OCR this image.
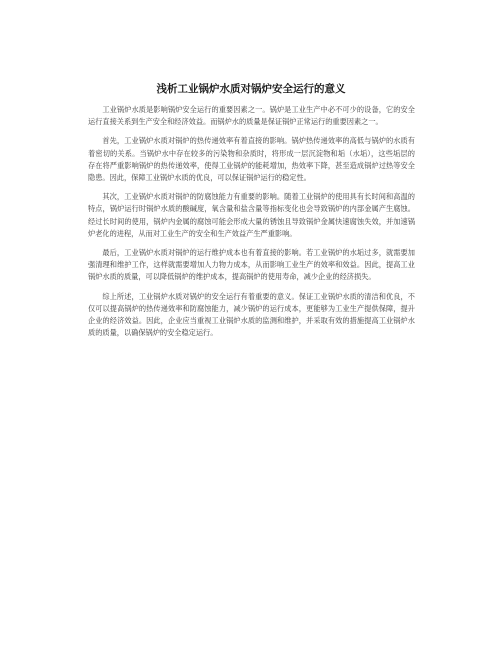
浅析工业锅炉水质对锅炉安全运行的意义

工业锅炉水质是影响锅炉安全运行的重要因素之一。锅炉是工业生产中必不可少的设备，它的安全运行直接关系到生产安全和经济效益。而锅炉水的质量是保证锅炉正常运行的重要因素之一。

首先，工业锅炉水质对锅炉的热传递效率有着直接的影响。锅炉热传递效率的高低与锅炉的水质有着密切的关系。当锅炉水中存在较多的污染物和杂质时，将形成一层沉淀物和垢（水垢），这些垢层的存在将严重影响锅炉的热传递效率，使得工业锅炉的能耗增加，热效率下降，甚至造成锅炉过热等安全隐患。因此，保障工业锅炉水质的优良，可以保证锅炉运行的稳定性。

其次，工业锅炉水质对锅炉的防腐蚀能力有重要的影响。随着工业锅炉的使用具有长时间和高温的特点，锅炉运行时锅炉水质的酸碱度，氧含量和盐含量等指标变化也会导致锅炉的内部金属产生腐蚀。经过长时间的使用，锅炉内金属的腐蚀可能会形成大量的锈蚀且导致锅炉金属快速腐蚀失效，并加速锅炉老化的进程，从而对工业生产的安全和生产效益产生严重影响。

最后，工业锅炉水质对锅炉的运行维护成本也有着直接的影响。若工业锅炉的水垢过多，就需要加强清理和维护工作，这样就需要增加人力物力成本，从而影响工业生产的效率和效益。因此，提高工业锅炉水质的质量，可以降低锅炉的维护成本，提高锅炉的使用寿命，减少企业的经济损失。

综上所述，工业锅炉水质对锅炉的安全运行有着重要的意义。保证工业锅炉水质的清洁和优良，不仅可以提高锅炉的热传递效率和防腐蚀能力，减少锅炉的运行成本，更能够为工业生产提供保障，提升企业的经济效益。因此，企业应当重视工业锅炉水质的监测和维护，并采取有效的措施提高工业锅炉水质的质量，以确保锅炉的安全稳定运行。
